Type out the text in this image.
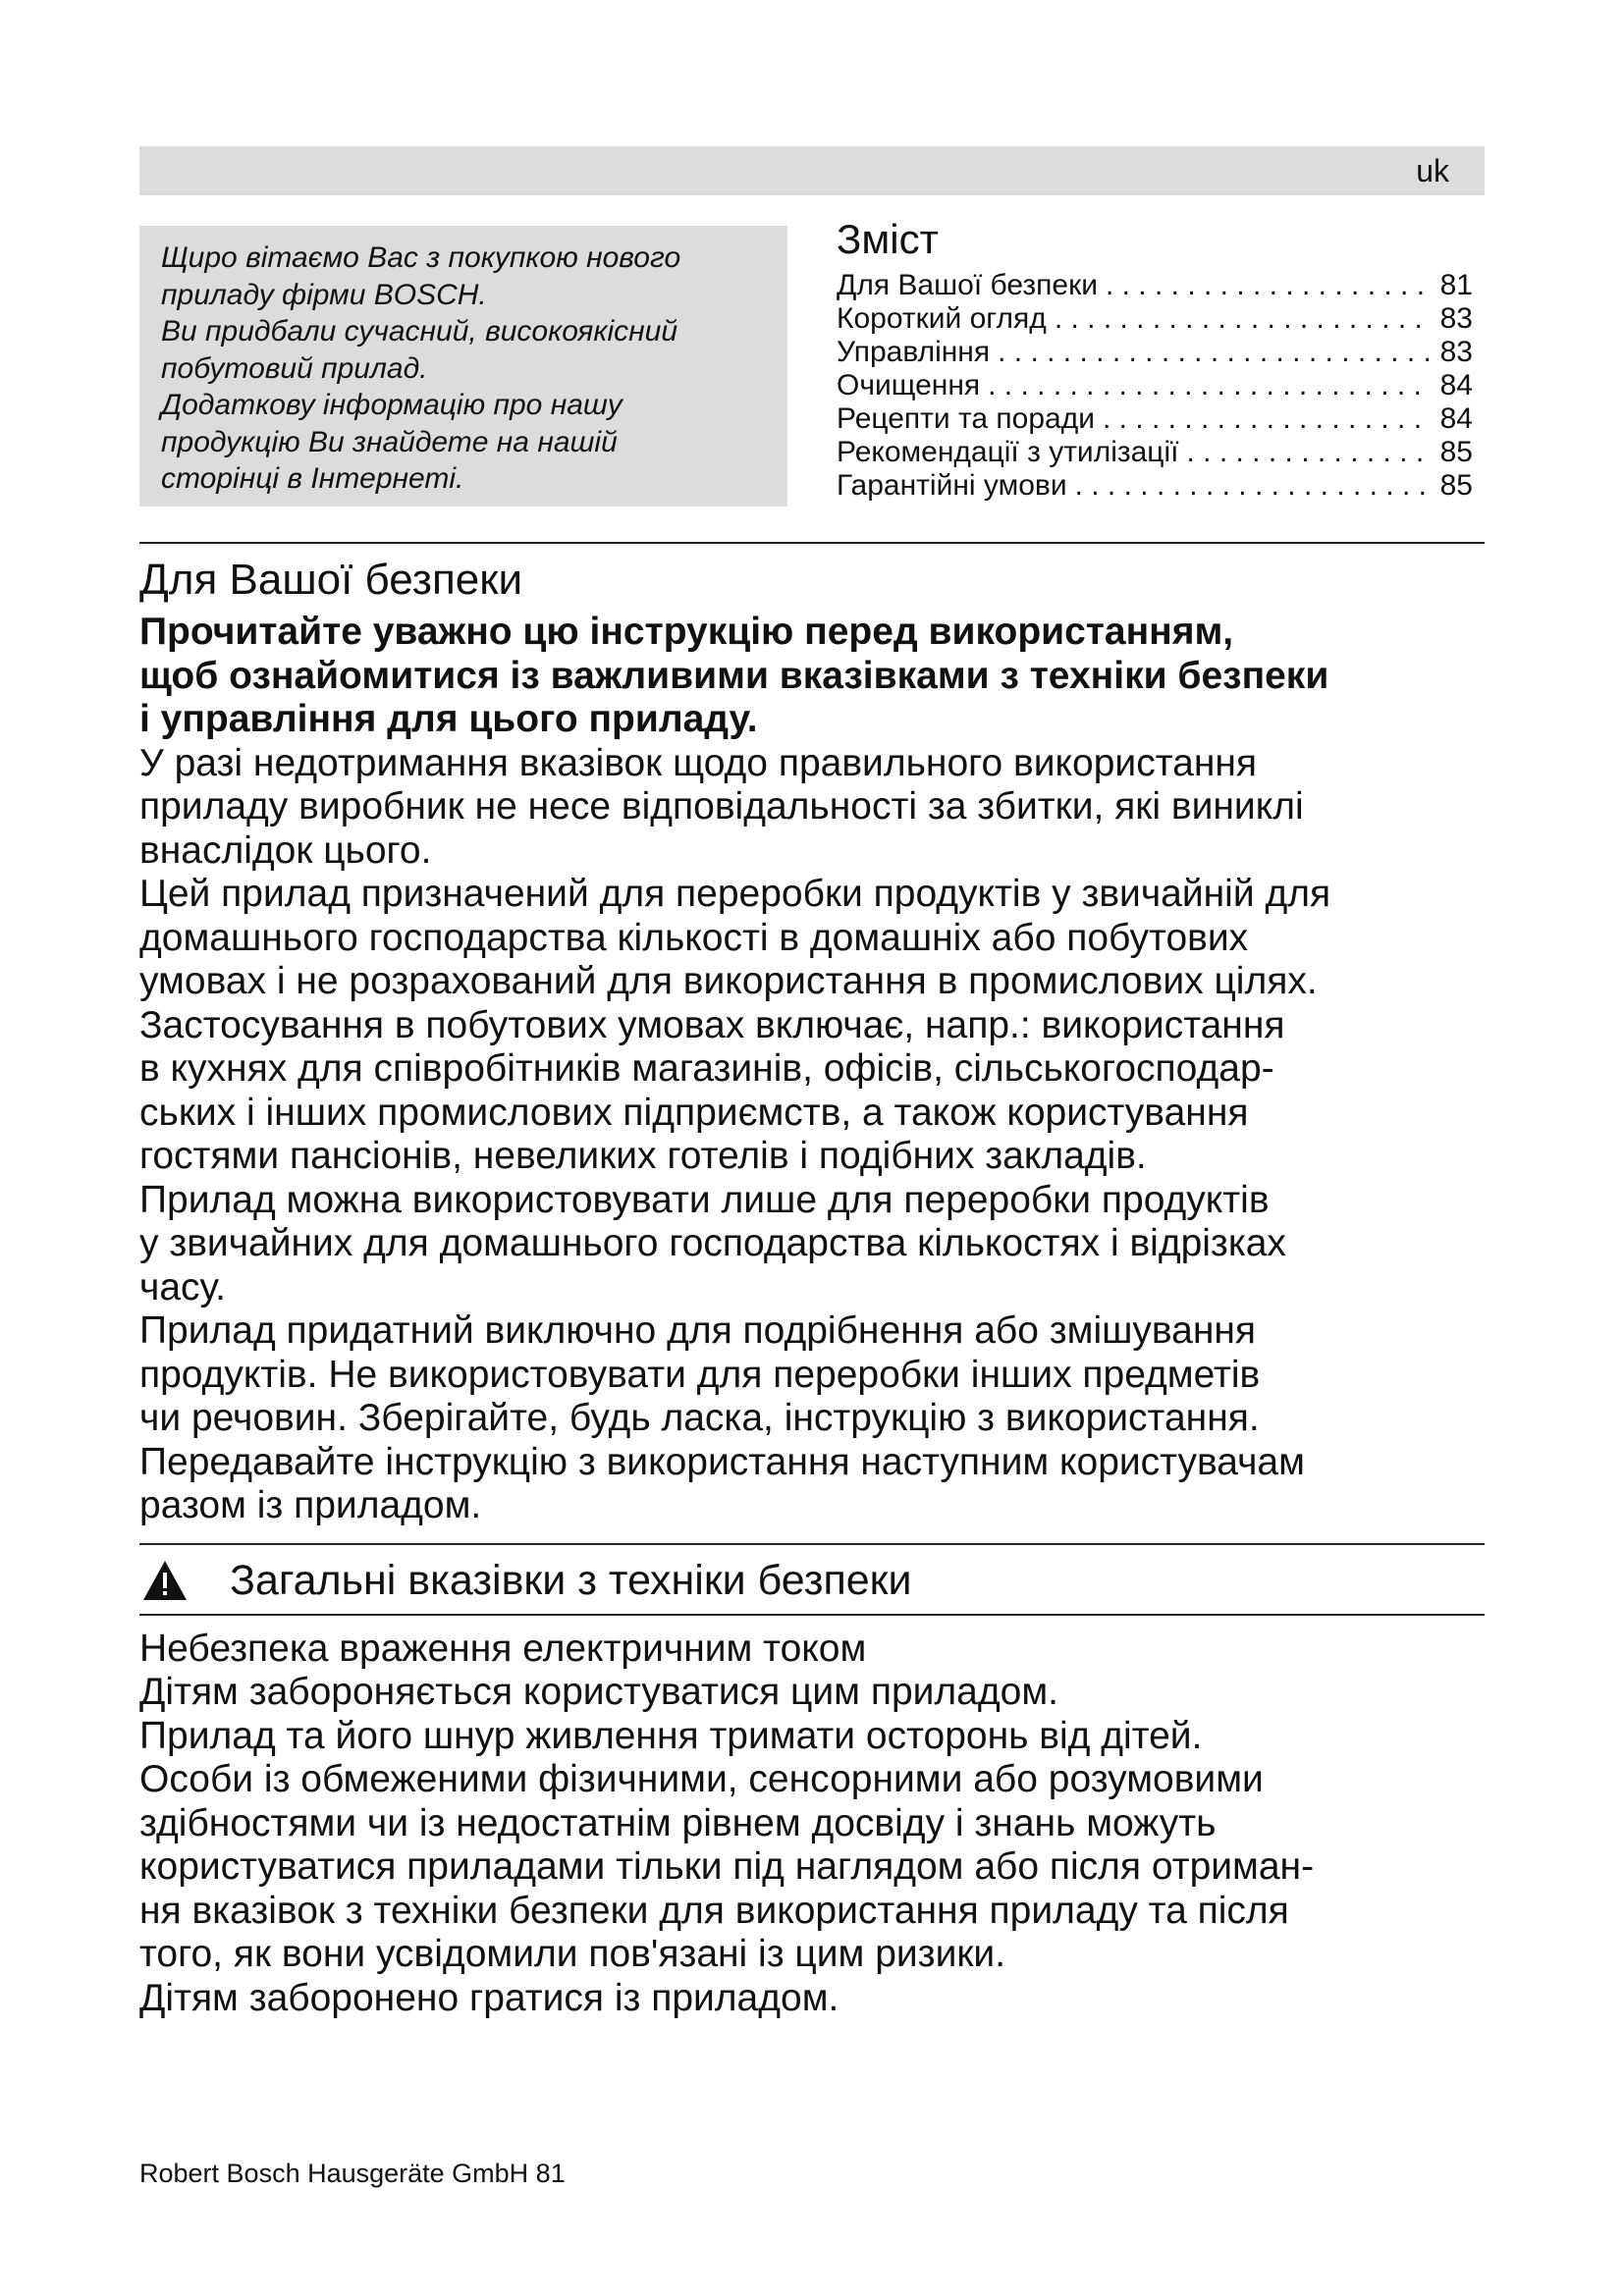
uk
Щиро вітаємо Вас з покупкою нового
приладу фірми BOSCH.
Ви придбали сучасний, високоякісний
побутовий прилад.
Додаткову інформацію про нашу
продукцію Ви знайдете на нашій
сторінці в Інтернеті.
Зміст
Для Вашої безпеки . . .	81
Короткий огляд . . .	83
Управління . . .	83
Очищення . . .	84
Рецепти та поради . . .	84
Рекомендації з утилізації . . .	85
Гарантійні умови . . .	85
Для Вашої безпеки

Прочитайте уважно цю інструкцію перед використанням,
щоб ознайомитися із важливими вказівками з техніки безпеки
і управління для цього приладу.

У разі недотримання вказівок щодо правильного використання
приладу виробник не несе відповідальності за збитки, які виниклі
внаслідок цього.
Цей прилад призначений для переробки продуктів у звичайній для
домашнього господарства кількості в домашніх або побутових
умовах і не розрахований для використання в промислових цілях.
Застосування в побутових умовах включає, напр.: використання
в кухнях для співробітників магазинів, офісів, сільськогосподар-
ських і інших промислових підприємств, а також користування
гостями пансіонів, невеликих готелів і подібних закладів.
Прилад можна використовувати лише для переробки продуктів
у звичайних для домашнього господарства кількостях і відрізках
часу.
Прилад придатний виключно для подрібнення або змішування
продуктів. Не використовувати для переробки інших предметів
чи речовин. Зберігайте, будь ласка, інструкцію з використання.
Передавайте інструкцію з використання наступним користувачам
разом із приладом.

Загальні вказівки з техніки безпеки
Небезпека враження електричним током

Дітям забороняється користуватися цим приладом.
Прилад та його шнур живлення тримати осторонь від дітей.
Особи із обмеженими фізичними, сенсорними або розумовими
здібностями чи із недостатнім рівнем досвіду і знань можуть
користуватися приладами тільки під наглядом або після отриман-
ня вказівок з техніки безпеки для використання приладу та після
того, як вони усвідомили пов'язані із цим ризики.
Дітям заборонено гратися із приладом.

Robert Bosch Hausgeräte GmbH 81
